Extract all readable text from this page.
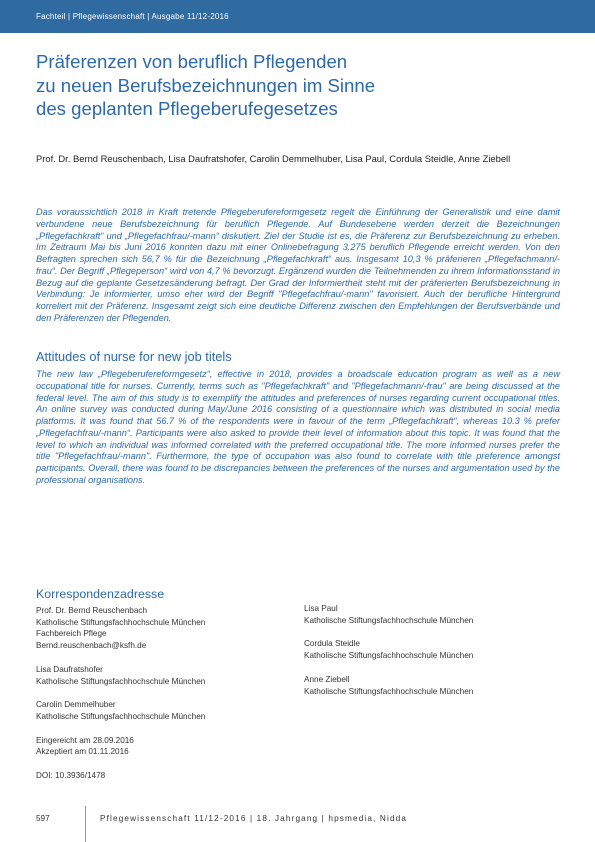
Fachteil | Pflegewissenschaft | Ausgabe 11/12-2016
Präferenzen von beruflich Pflegenden
zu neuen Berufsbezeichnungen im Sinne
des geplanten Pflegeberufegesetzes
Prof. Dr. Bernd Reuschenbach, Lisa Daufratshofer, Carolin Demmelhuber, Lisa Paul, Cordula Steidle, Anne Ziebell
Das voraussichtlich 2018 in Kraft tretende Pflegeberufereformgesetz regelt die Einführung der Generalistik und eine damit verbundene neue Berufsbezeichnung für beruflich Pflegende. Auf Bundesebene werden derzeit die Bezeichnungen „Pflegefachkraft“ und „Pflegefachfrau/-mann“ diskutiert. Ziel der Studie ist es, die Präferenz zur Berufsbezeichnung zu erheben. Im Zeitraum Mai bis Juni 2016 konnten dazu mit einer Onlinebefragung 3.275 beruflich Pflegende erreicht werden. Von den Befragten sprechen sich 56,7 % für die Bezeichnung „Pflegefachkraft“ aus. Insgesamt 10,3 % präferieren „Pflegefachmann/-frau“. Der Begriff „Pflegeperson“ wird von 4,7 % bevorzugt. Ergänzend wurden die Teilnehmenden zu ihrem Informationsstand in Bezug auf die geplante Gesetzesänderung befragt. Der Grad der Informiertheit steht mit der präferierten Berufsbezeichnung in Verbindung: Je informierter, umso eher wird der Begriff "Pflegefachfrau/-mann" favorisiert. Auch der berufliche Hintergrund korreliert mit der Präferenz. Insgesamt zeigt sich eine deutliche Differenz zwischen den Empfehlungen der Berufsverbände und den Präferenzen der Pflegenden.
Attitudes of nurse for new job titels
The new law „Pflegeberufereformgesetz“, effective in 2018, provides a broadscale education program as well as a new occupational title for nurses. Currently, terms such as "Pflegefachkraft" and "Pflegefachmann/-frau" are being discussed at the federal level. The aim of this study is to exemplify the attitudes and preferences of nurses regarding current occupational titles. An online survey was conducted during May/June 2016 consisting of a questionnaire which was distributed in social media platforms. It was found that 56.7 % of the respondents were in favour of the term „Pflegefachkraft“, whereas 10.3 % prefer „Pflegefachfrau/-mann“. Participants were also asked to provide their level of information about this topic. It was found that the level to which an individual was informed correlated with the preferred occupational title. The more informed nurses prefer the title "Pflegefachfrau/-mann". Furthermore, the type of occupation was also found to correlate with title preference amongst participants. Overall, there was found to be discrepancies between the preferences of the nurses and argumentation used by the professional organisations.
Korrespondenzadresse
Prof. Dr. Bernd Reuschenbach
Katholische Stiftungsfachhochschule München
Fachbereich Pflege
Bernd.reuschenbach@ksfh.de
Lisa Daufratshofer
Katholische Stiftungsfachhochschule München
Carolin Demmelhuber
Katholische Stiftungsfachhochschule München
Eingereicht am 28.09.2016
Akzeptiert am 01.11.2016
DOI: 10.3936/1478
Lisa Paul
Katholische Stiftungsfachhochschule München
Cordula Steidle
Katholische Stiftungsfachhochschule München
Anne Ziebell
Katholische Stiftungsfachhochschule München
597	Pflegewissenschaft 11/12-2016 | 18. Jahrgang | hpsmedia, Nidda
